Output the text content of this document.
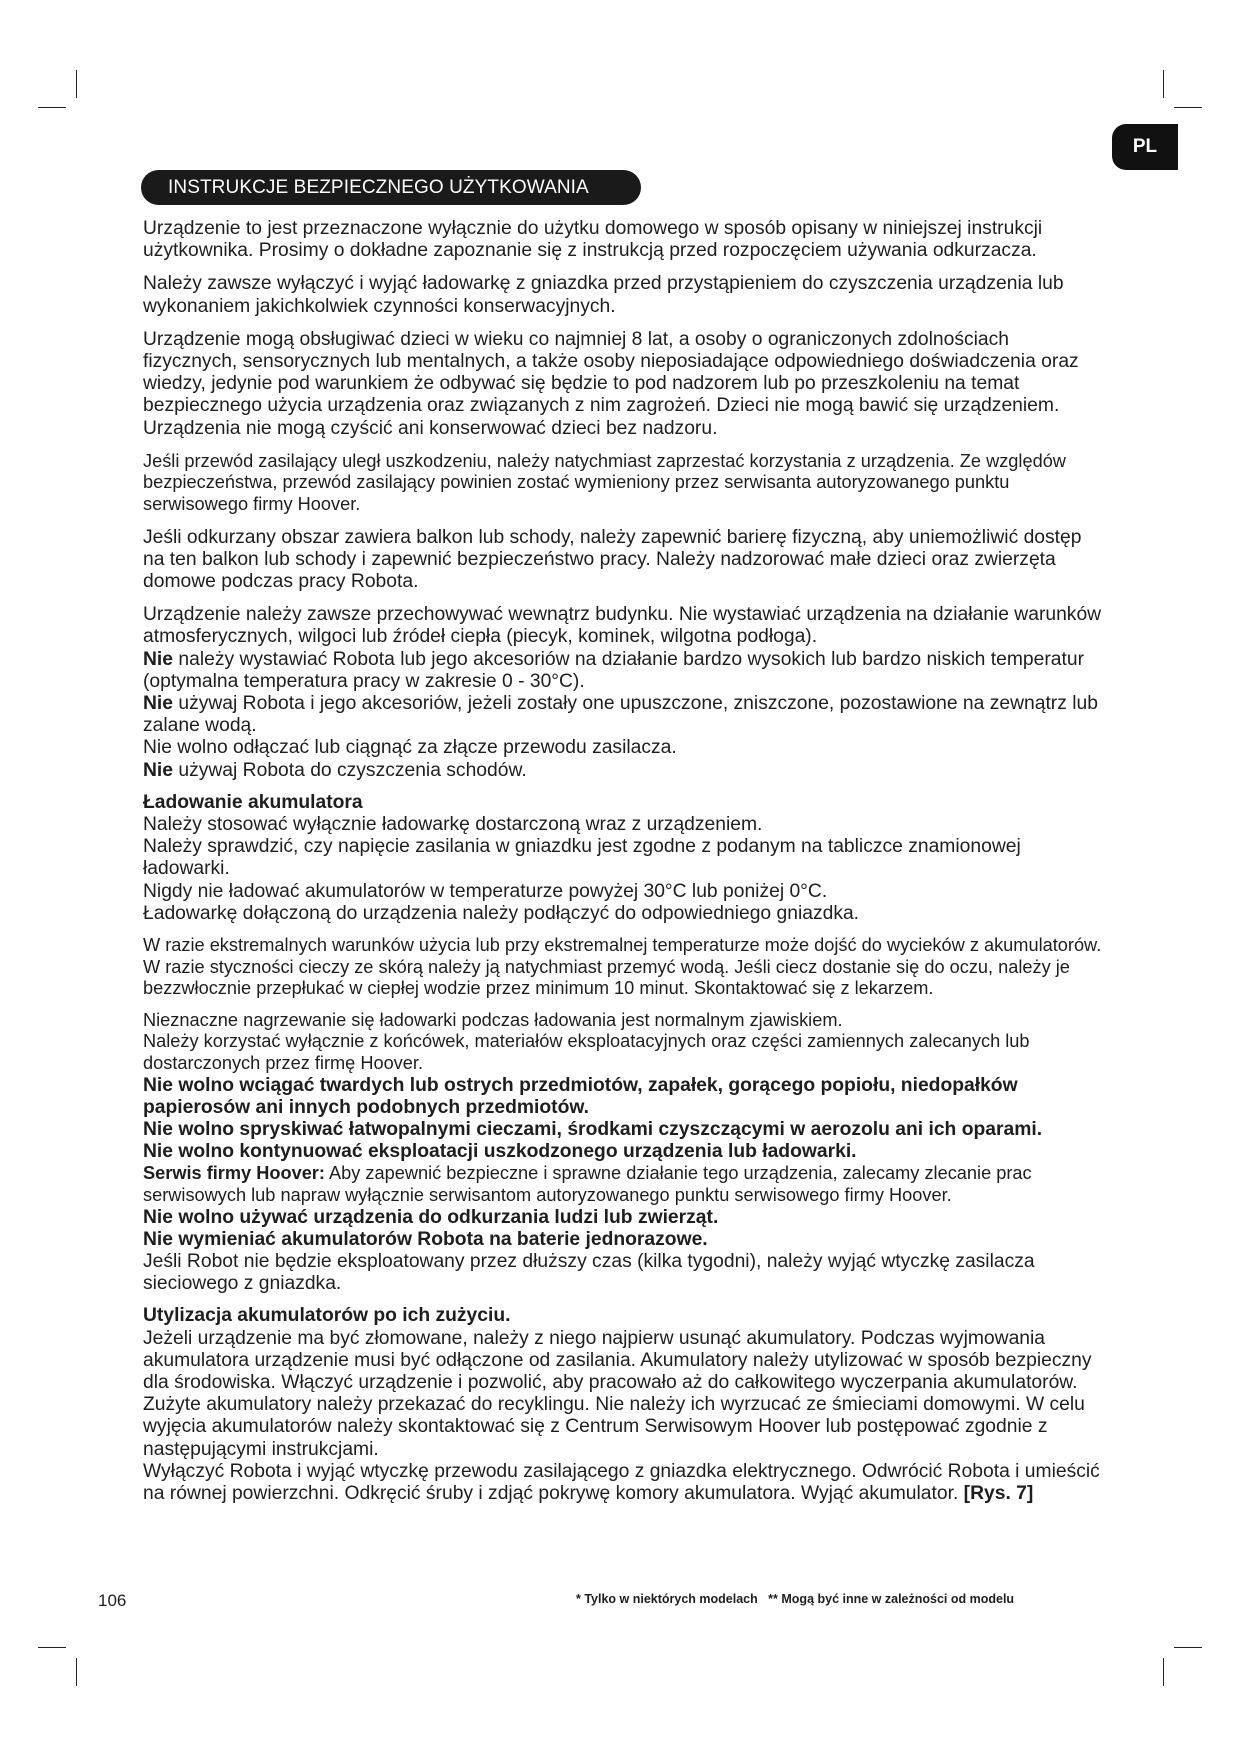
PL
INSTRUKCJE BEZPIECZNEGO UŻYTKOWANIA

Urządzenie to jest przeznaczone wyłącznie do użytku domowego w sposób opisany w niniejszej instrukcji użytkownika. Prosimy o dokładne zapoznanie się z instrukcją przed rozpoczęciem używania odkurzacza.

Należy zawsze wyłączyć i wyjąć ładowarkę z gniazdka przed przystąpieniem do czyszczenia urządzenia lub wykonaniem jakichkolwiek czynności konserwacyjnych.

Urządzenie mogą obsługiwać dzieci w wieku co najmniej 8 lat, a osoby o ograniczonych zdolnościach fizycznych, sensorycznych lub mentalnych, a także osoby nieposiadające odpowiedniego doświadczenia oraz wiedzy, jedynie pod warunkiem że odbywać się będzie to pod nadzorem lub po przeszkoleniu na temat bezpiecznego użycia urządzenia oraz związanych z nim zagrożeń. Dzieci nie mogą bawić się urządzeniem. Urządzenia nie mogą czyścić ani konserwować dzieci bez nadzoru.

Jeśli przewód zasilający uległ uszkodzeniu, należy natychmiast zaprzestać korzystania z urządzenia. Ze względów bezpieczeństwa, przewód zasilający powinien zostać wymieniony przez serwisanta autoryzowanego punktu serwisowego firmy Hoover.

Jeśli odkurzany obszar zawiera balkon lub schody, należy zapewnić barierę fizyczną, aby uniemożliwić dostęp na ten balkon lub schody i zapewnić bezpieczeństwo pracy. Należy nadzorować małe dzieci oraz zwierzęta domowe podczas pracy Robota.

Urządzenie należy zawsze przechowywać wewnątrz budynku. Nie wystawiać urządzenia na działanie warunków atmosferycznych, wilgoci lub źródeł ciepła (piecyk, kominek, wilgotna podłoga).

Nie należy wystawiać Robota lub jego akcesoriów na działanie bardzo wysokich lub bardzo niskich temperatur (optymalna temperatura pracy w zakresie 0 - 30°C).

Nie używaj Robota i jego akcesoriów, jeżeli zostały one upuszczone, zniszczone, pozostawione na zewnątrz lub zalane wodą.

Nie wolno odłączać lub ciągnąć za złącze przewodu zasilacza.

Nie używaj Robota do czyszczenia schodów.

Ładowanie akumulatora

Należy stosować wyłącznie ładowarkę dostarczoną wraz z urządzeniem.

Należy sprawdzić, czy napięcie zasilania w gniazdku jest zgodne z podanym na tabliczce znamionowej ładowarki.

Nigdy nie ładować akumulatorów w temperaturze powyżej 30°C lub poniżej 0°C.

Ładowarkę dołączoną do urządzenia należy podłączyć do odpowiedniego gniazdka.

W razie ekstremalnych warunków użycia lub przy ekstremalnej temperaturze może dojść do wycieków z akumulatorów. W razie styczności cieczy ze skórą należy ją natychmiast przemyć wodą. Jeśli ciecz dostanie się do oczu, należy je bezzwłocznie przepłukać w ciepłej wodzie przez minimum 10 minut. Skontaktować się z lekarzem.

Nieznaczne nagrzewanie się ładowarki podczas ładowania jest normalnym zjawiskiem.

Należy korzystać wyłącznie z końcówek, materiałów eksploatacyjnych oraz części zamiennych zalecanych lub dostarczonych przez firmę Hoover.

Nie wolno wciągać twardych lub ostrych przedmiotów, zapałek, gorącego popiołu, niedopałków papierosów ani innych podobnych przedmiotów.

Nie wolno spryskiwać łatwopalnymi cieczami, środkami czyszczącymi w aerozolu ani ich oparami.

Nie wolno kontynuować eksploatacji uszkodzonego urządzenia lub ładowarki.

Serwis firmy Hoover: Aby zapewnić bezpieczne i sprawne działanie tego urządzenia, zalecamy zlecanie prac serwisowych lub napraw wyłącznie serwisantom autoryzowanego punktu serwisowego firmy Hoover.

Nie wolno używać urządzenia do odkurzania ludzi lub zwierząt.

Nie wymieniać akumulatorów Robota na baterie jednorazowe.

Jeśli Robot nie będzie eksploatowany przez dłuższy czas (kilka tygodni), należy wyjąć wtyczkę zasilacza sieciowego z gniazdka.

Utylizacja akumulatorów po ich zużyciu.

Jeżeli urządzenie ma być złomowane, należy z niego najpierw usunąć akumulatory. Podczas wyjmowania akumulatora urządzenie musi być odłączone od zasilania. Akumulatory należy utylizować w sposób bezpieczny dla środowiska. Włączyć urządzenie i pozwolić, aby pracowało aż do całkowitego wyczerpania akumulatorów. Zużyte akumulatory należy przekazać do recyklingu. Nie należy ich wyrzucać ze śmieciami domowymi. W celu wyjęcia akumulatorów należy skontaktować się z Centrum Serwisowym Hoover lub postępować zgodnie z następującymi instrukcjami.

Wyłączyć Robota i wyjąć wtyczkę przewodu zasilającego z gniazdka elektrycznego. Odwrócić Robota i umieścić na równej powierzchni. Odkręcić śruby i zdjąć pokrywę komory akumulatora. Wyjąć akumulator. [Rys. 7]

106	* Tylko w niektórych modelach   ** Mogą być inne w zależności od modelu
